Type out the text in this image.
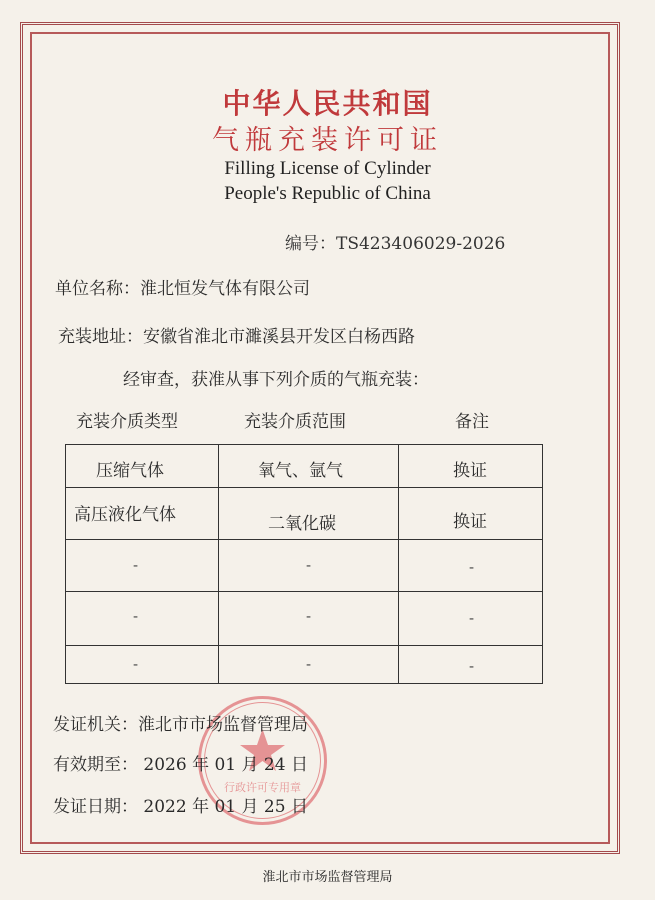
中华人民共和国
气瓶充装许可证
Filling License of Cylinder
People's Republic of China
编号：TS423406029-2026
单位名称：淮北恒发气体有限公司
充装地址：安徽省淮北市濉溪县开发区白杨西路
经审查，获准从事下列介质的气瓶充装：
充装介质类型	充装介质范围	备注
压缩气体	氧气、氩气	换证
高压液化气体	二氧化碳	换证
-	-	-
-	-	-
-	-	-
行政许可专用章
发证机关：淮北市市场监督管理局
有效期至： 2026 年 01 月 24 日
发证日期： 2022 年 01 月 25 日
淮北市市场监督管理局
